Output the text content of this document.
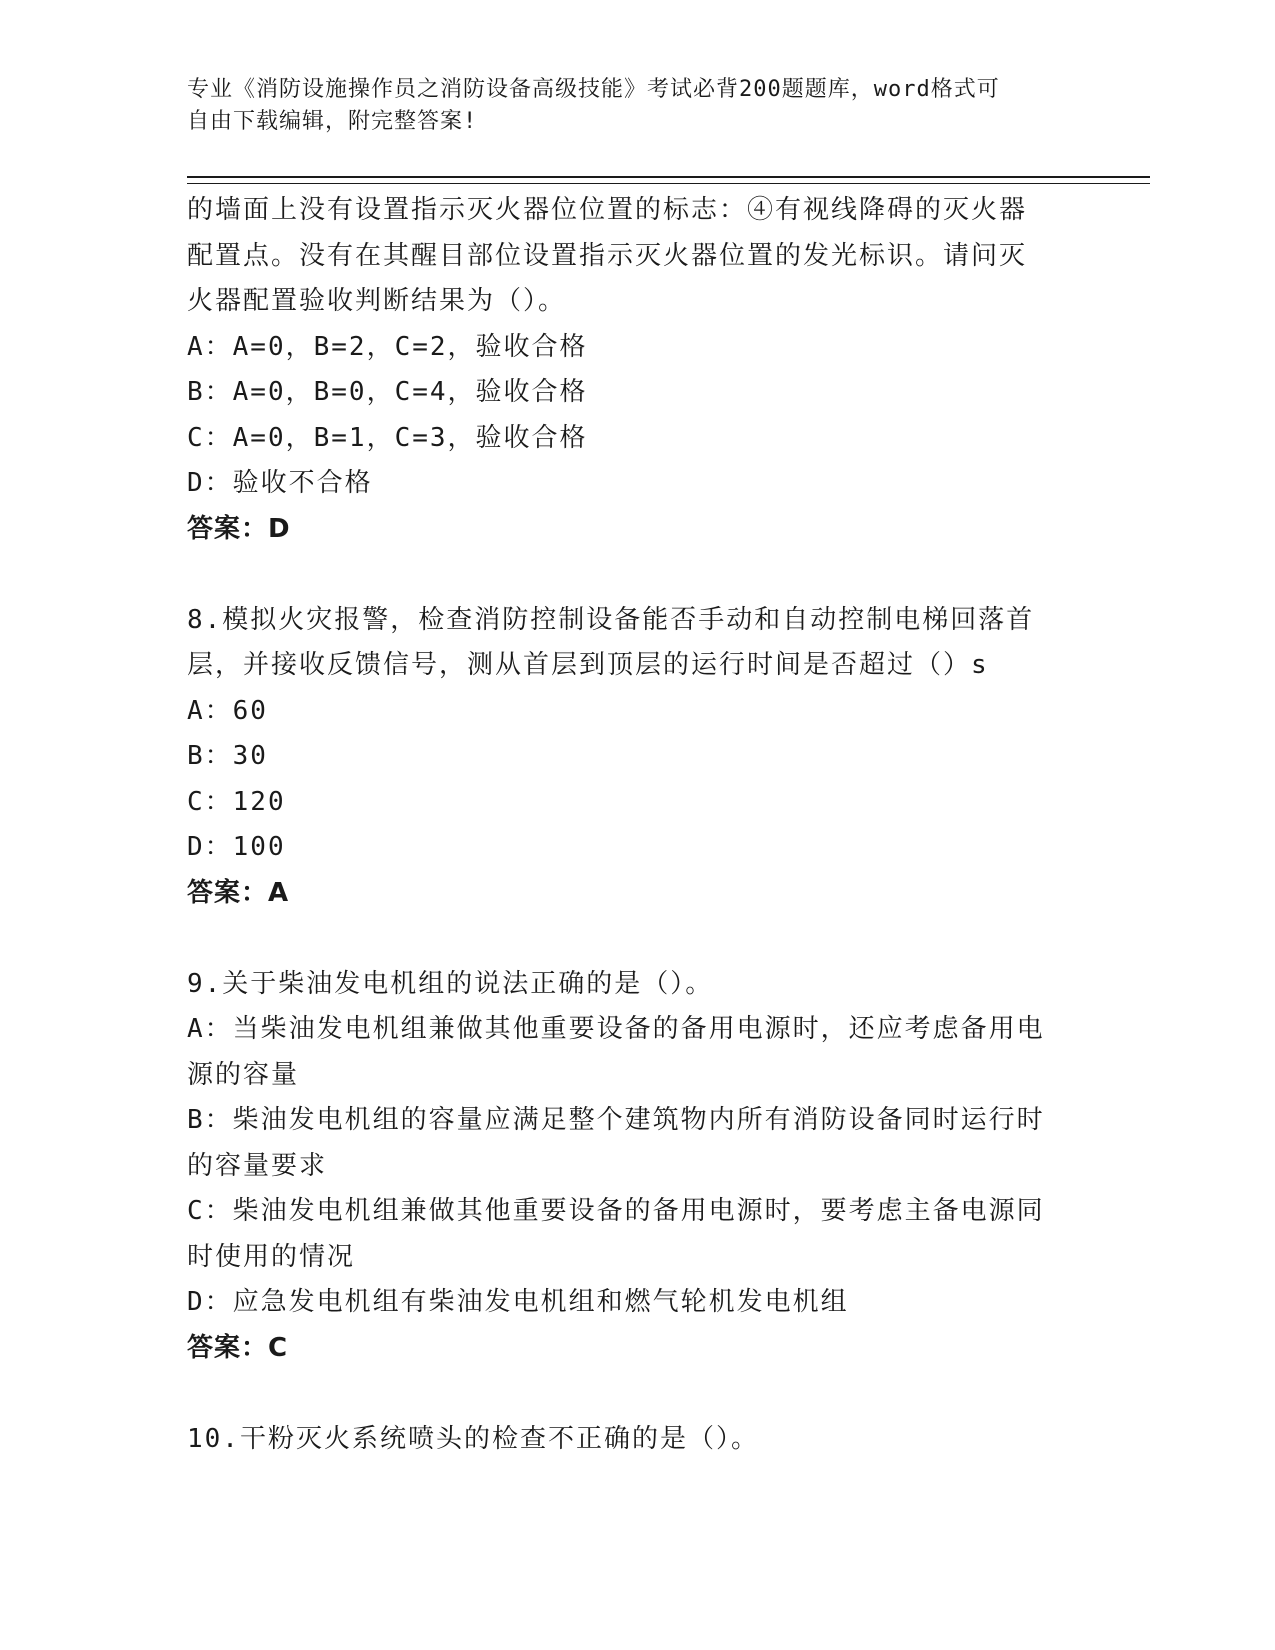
专业《消防设施操作员之消防设备高级技能》考试必背200题题库，word格式可
自由下载编辑，附完整答案!
的墙面上没有设置指示灭火器位位置的标志：④有视线降碍的灭火器
配置点。没有在其醒目部位设置指示灭火器位置的发光标识。请问灭
火器配置验收判断结果为（）。
A：A=0，B=2，C=2，验收合格
B：A=0，B=0，C=4，验收合格
C：A=0，B=1，C=3，验收合格
D：验收不合格
答案：D
8.模拟火灾报警，检查消防控制设备能否手动和自动控制电梯回落首
层，并接收反馈信号，测从首层到顶层的运行时间是否超过（）s
A：60
B：30
C：120
D：100
答案：A
9.关于柴油发电机组的说法正确的是（）。
A：当柴油发电机组兼做其他重要设备的备用电源时，还应考虑备用电
源的容量
B：柴油发电机组的容量应满足整个建筑物内所有消防设备同时运行时
的容量要求
C：柴油发电机组兼做其他重要设备的备用电源时，要考虑主备电源同
时使用的情况
D：应急发电机组有柴油发电机组和燃气轮机发电机组
答案：C
10.干粉灭火系统喷头的检查不正确的是（）。
